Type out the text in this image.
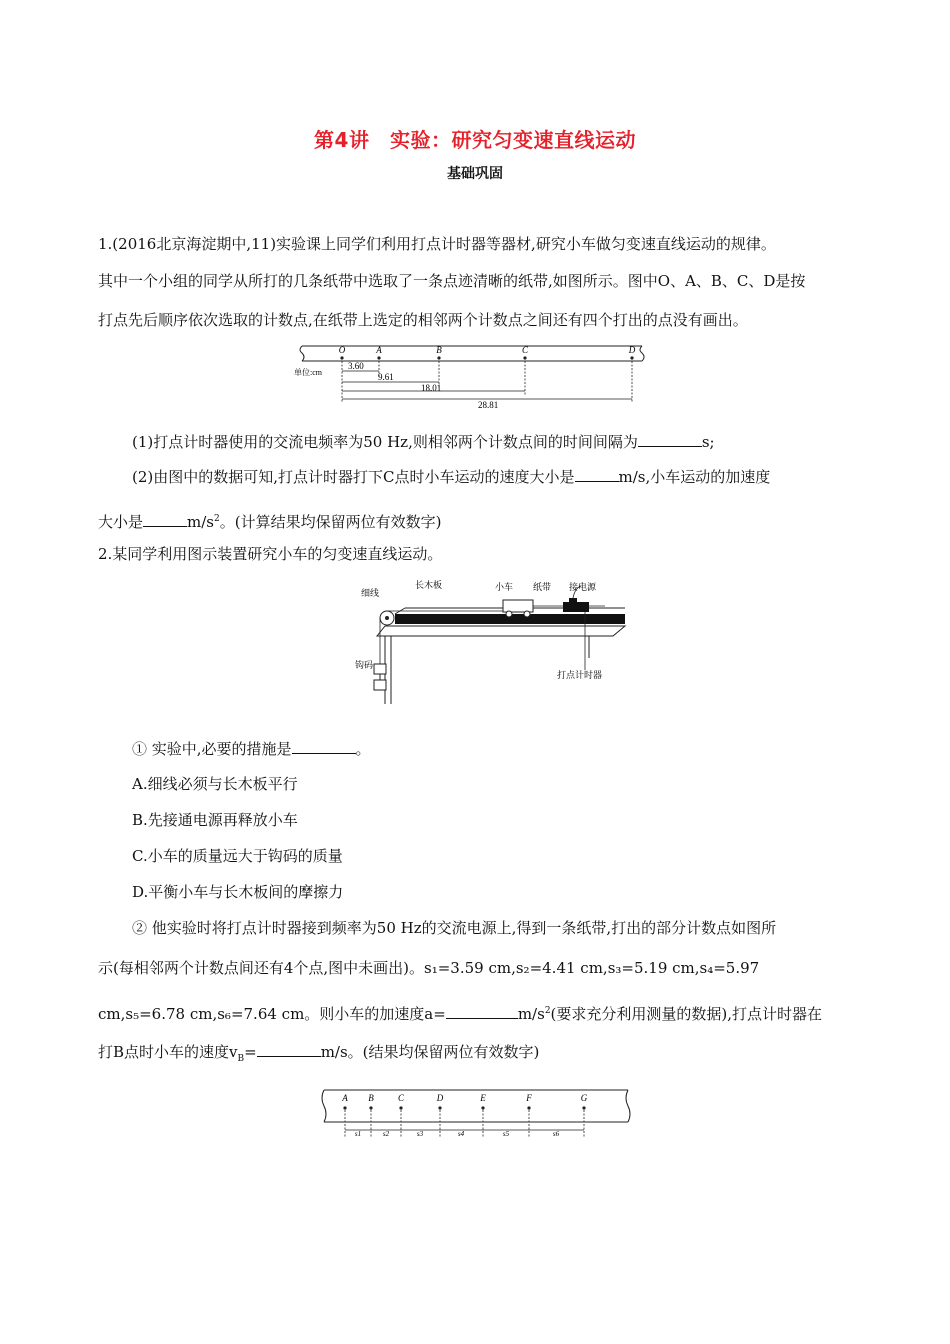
第4讲　实验：研究匀变速直线运动
基础巩固
1.(2016北京海淀期中,11)实验课上同学们利用打点计时器等器材,研究小车做匀变速直线运动的规律。
其中一个小组的同学从所打的几条纸带中选取了一条点迹清晰的纸带,如图所示。图中O、A、B、C、D是按
打点先后顺序依次选取的计数点,在纸带上选定的相邻两个计数点之间还有四个打出的点没有画出。
O	A	B	C	D
单位:cm
3.60
9.61
18.01
28.81
(1)打点计时器使用的交流电频率为50 Hz,则相邻两个计数点间的时间间隔为	s;
(2)由图中的数据可知,打点计时器打下C点时小车运动的速度大小是	m/s,小车运动的加速度
大小是	$m/s^2$。(计算结果均保留两位有效数字)
2.某同学利用图示装置研究小车的匀变速直线运动。
细线
长木板	小车 纸带 接电源
钩码
打点计时器
① 实验中,必要的措施是	。
A.细线必须与长木板平行
B.先接通电源再释放小车
C.小车的质量远大于钩码的质量
D.平衡小车与长木板间的摩擦力
② 他实验时将打点计时器接到频率为50 Hz的交流电源上,得到一条纸带,打出的部分计数点如图所
示(每相邻两个计数点间还有4个点,图中未画出)。s₁=3.59 cm,s₂=4.41 cm,s₃=5.19 cm,s₄=5.97
cm,s₅=6.78 cm,s₆=7.64 cm。则小车的加速度a=	$m/s^2$(要求充分利用测量的数据),打点计时器在
打B点时小车的速度$v_B=$	m/s。(结果均保留两位有效数字)
A B	C	D	E	F	G
s1	s2	s3	s4	s5	s6
